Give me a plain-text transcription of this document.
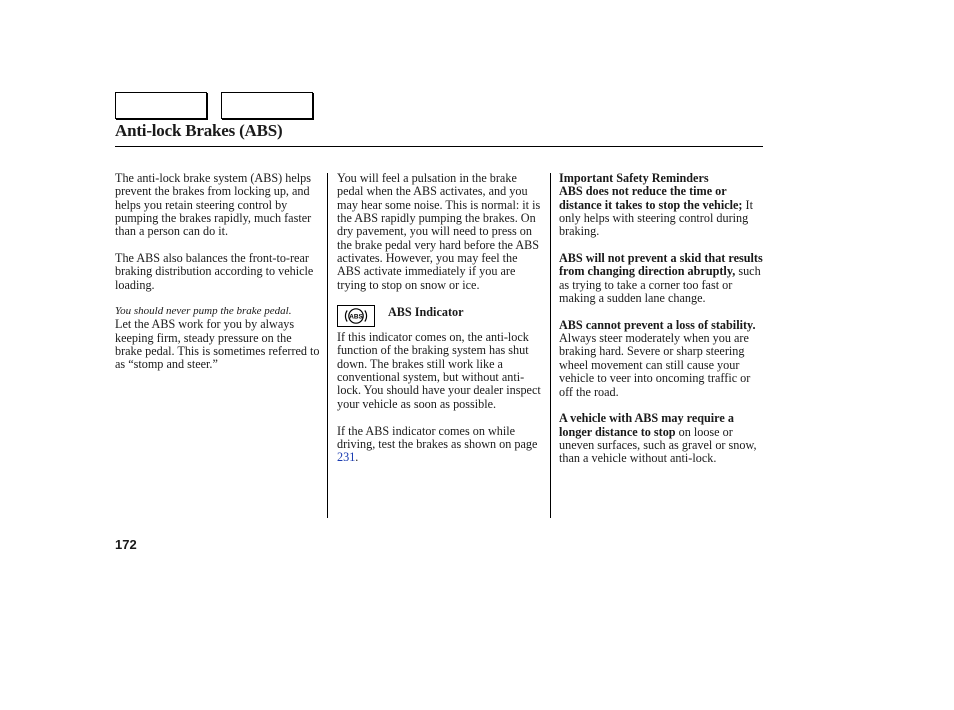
Anti-lock Brakes (ABS)

The anti-lock brake system (ABS) helps prevent the brakes from locking up, and helps you retain steering control by pumping the brakes rapidly, much faster than a person can do it.

The ABS also balances the front-to-rear braking distribution according to vehicle loading.

You should never pump the brake pedal.

Let the ABS work for you by always keeping firm, steady pressure on the brake pedal. This is sometimes referred to as “stomp and steer.”

You will feel a pulsation in the brake pedal when the ABS activates, and you may hear some noise. This is normal: it is the ABS rapidly pumping the brakes. On dry pavement, you will need to press on the brake pedal very hard before the ABS activates. However, you may feel the ABS activate immediately if you are trying to stop on snow or ice.

ABS ABS Indicator

If this indicator comes on, the anti-lock function of the braking system has shut down. The brakes still work like a conventional system, but without anti-lock. You should have your dealer inspect your vehicle as soon as possible.

If the ABS indicator comes on while driving, test the brakes as shown on page 231.

Important Safety Reminders
ABS does not reduce the time or distance it takes to stop the vehicle; It only helps with steering control during braking.

ABS will not prevent a skid that results from changing direction abruptly, such as trying to take a corner too fast or making a sudden lane change.

ABS cannot prevent a loss of stability. Always steer moderately when you are braking hard. Severe or sharp steering wheel movement can still cause your vehicle to veer into oncoming traffic or off the road.

A vehicle with ABS may require a longer distance to stop on loose or uneven surfaces, such as gravel or snow, than a vehicle without anti-lock.

172
